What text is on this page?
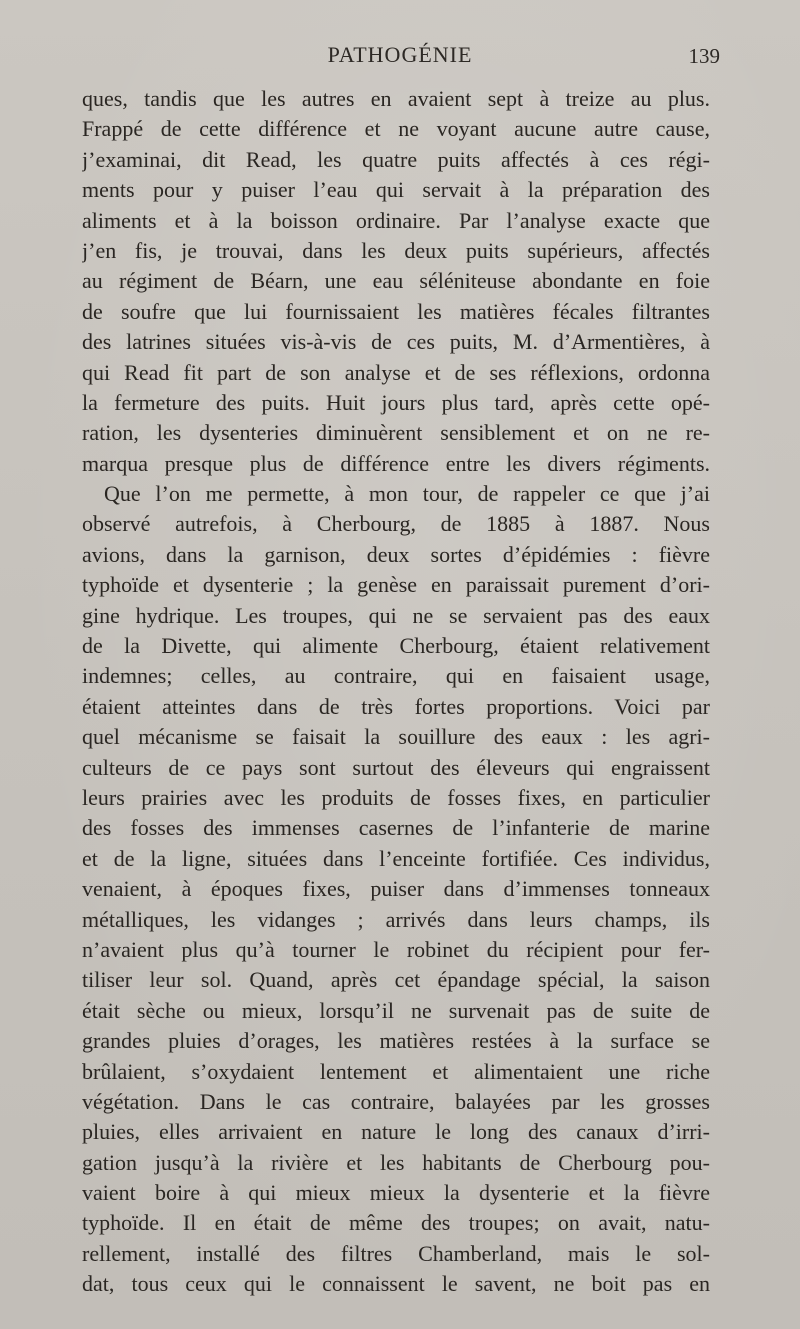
PATHOGÉNIE	139
ques, tandis que les autres en avaient sept à treize au plus.
Frappé de cette différence et ne voyant aucune autre cause,
j’examinai, dit Read, les quatre puits affectés à ces régi-
ments pour y puiser l’eau qui servait à la préparation des
aliments et à la boisson ordinaire. Par l’analyse exacte que
j’en fis, je trouvai, dans les deux puits supérieurs, affectés
au régiment de Béarn, une eau séléniteuse abondante en foie
de soufre que lui fournissaient les matières fécales filtrantes
des latrines situées vis-à-vis de ces puits, M. d’Armentières, à
qui Read fit part de son analyse et de ses réflexions, ordonna
la fermeture des puits. Huit jours plus tard, après cette opé-
ration, les dysenteries diminuèrent sensiblement et on ne re-
marqua presque plus de différence entre les divers régiments.
Que l’on me permette, à mon tour, de rappeler ce que j’ai
observé autrefois, à Cherbourg, de 1885 à 1887. Nous
avions, dans la garnison, deux sortes d’épidémies : fièvre
typhoïde et dysenterie ; la genèse en paraissait purement d’ori-
gine hydrique. Les troupes, qui ne se servaient pas des eaux
de la Divette, qui alimente Cherbourg, étaient relativement
indemnes; celles, au contraire, qui en faisaient usage,
étaient atteintes dans de très fortes proportions. Voici par
quel mécanisme se faisait la souillure des eaux : les agri-
culteurs de ce pays sont surtout des éleveurs qui engraissent
leurs prairies avec les produits de fosses fixes, en particulier
des fosses des immenses casernes de l’infanterie de marine
et de la ligne, situées dans l’enceinte fortifiée. Ces individus,
venaient, à époques fixes, puiser dans d’immenses tonneaux
métalliques, les vidanges ; arrivés dans leurs champs, ils
n’avaient plus qu’à tourner le robinet du récipient pour fer-
tiliser leur sol. Quand, après cet épandage spécial, la saison
était sèche ou mieux, lorsqu’il ne survenait pas de suite de
grandes pluies d’orages, les matières restées à la surface se
brûlaient, s’oxydaient lentement et alimentaient une riche
végétation. Dans le cas contraire, balayées par les grosses
pluies, elles arrivaient en nature le long des canaux d’irri-
gation jusqu’à la rivière et les habitants de Cherbourg pou-
vaient boire à qui mieux mieux la dysenterie et la fièvre
typhoïde. Il en était de même des troupes; on avait, natu-
rellement, installé des filtres Chamberland, mais le sol-
dat, tous ceux qui le connaissent le savent, ne boit pas en
